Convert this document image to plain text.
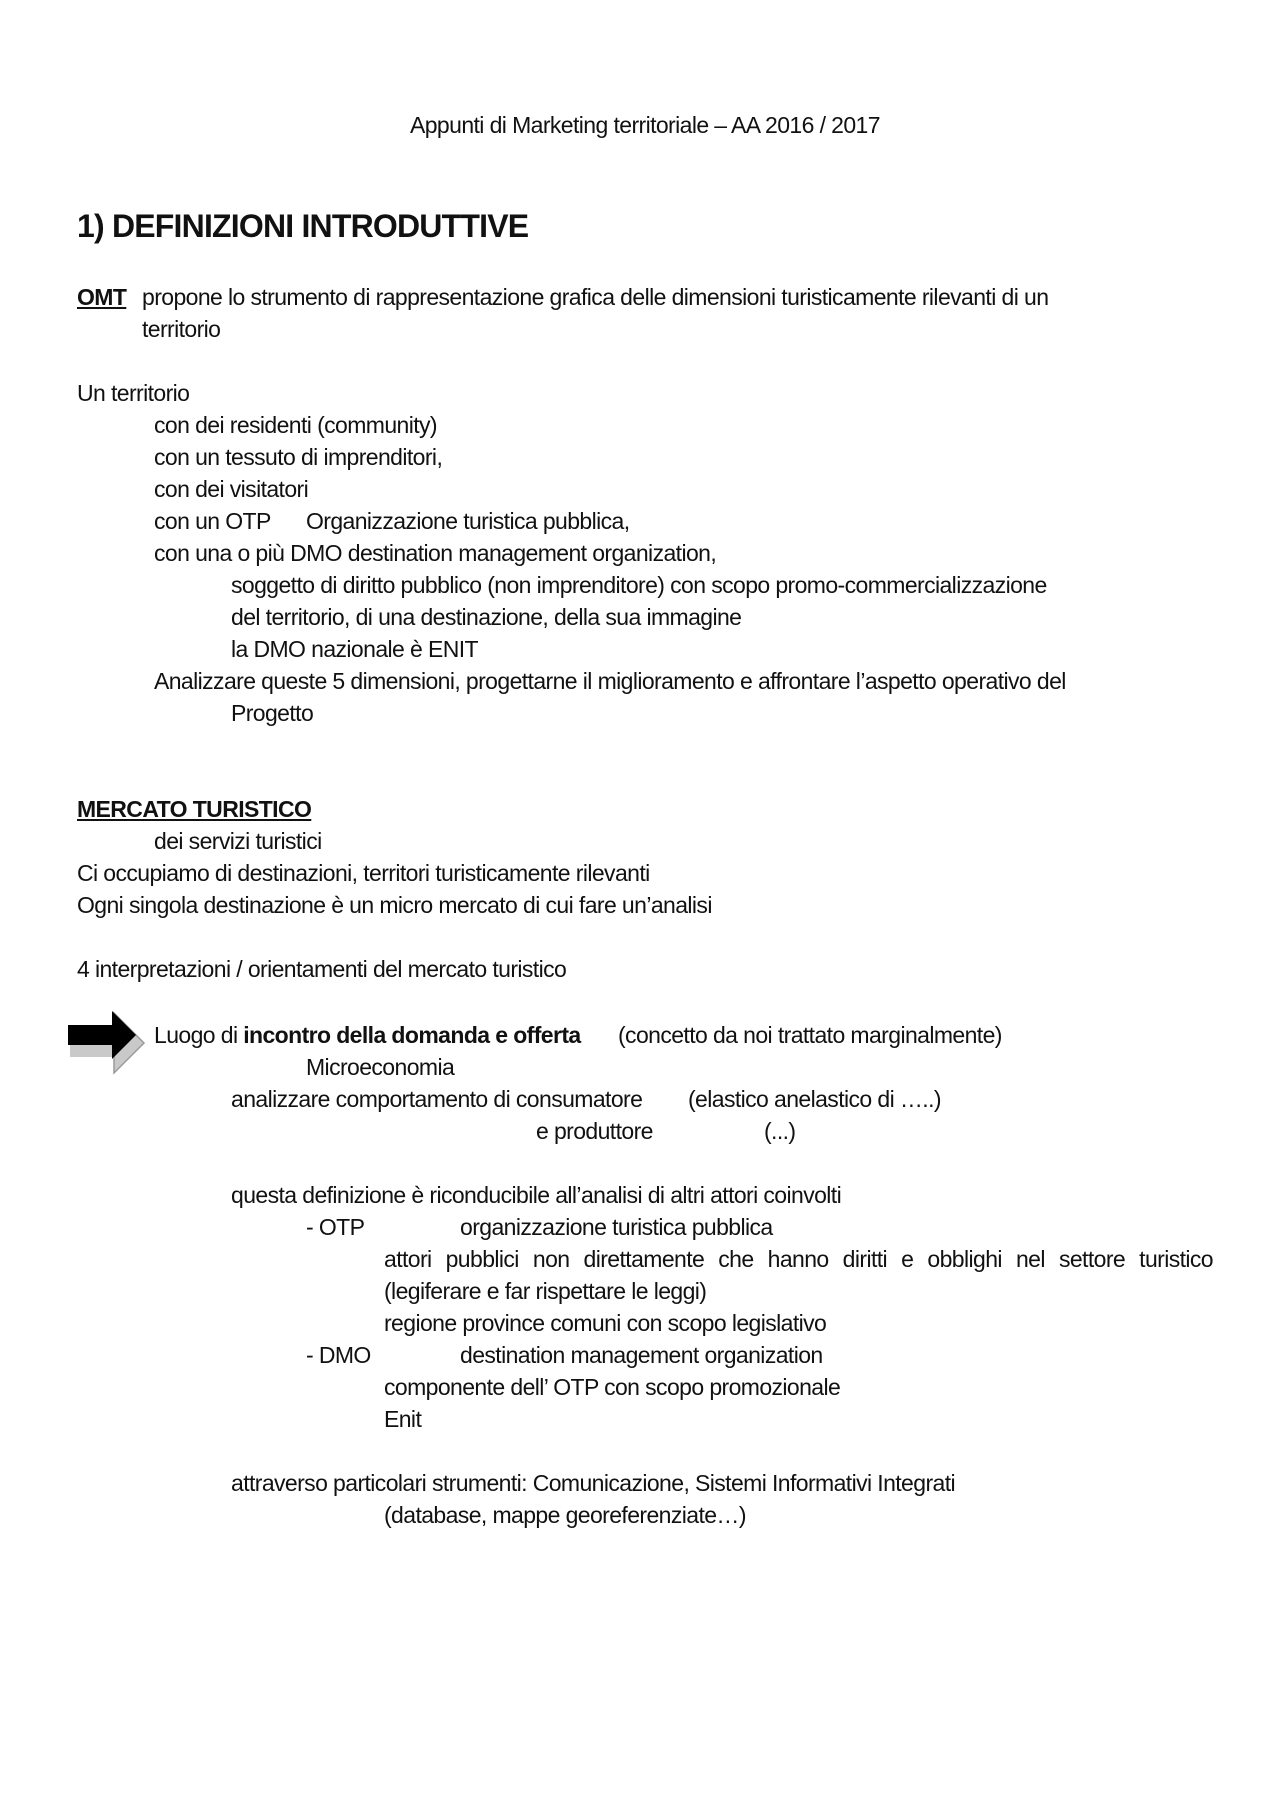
Appunti di Marketing territoriale – AA 2016 / 2017
1) DEFINIZIONI INTRODUTTIVE
OMT propone lo strumento di rappresentazione grafica delle dimensioni turisticamente rilevanti di un
territorio
Un territorio
con dei residenti (community)
con un tessuto di imprenditori,
con dei visitatori
con un OTP Organizzazione turistica pubblica,
con una o più DMO destination management organization,
soggetto di diritto pubblico (non imprenditore) con scopo promo-commercializzazione
del territorio, di una destinazione, della sua immagine
la DMO nazionale è ENIT
Analizzare queste 5 dimensioni, progettarne il miglioramento e affrontare l’aspetto operativo del
Progetto
MERCATO TURISTICO
dei servizi turistici
Ci occupiamo di destinazioni, territori turisticamente rilevanti
Ogni singola destinazione è un micro mercato di cui fare un’analisi
4 interpretazioni / orientamenti del mercato turistico
Luogo di incontro della domanda e offerta (concetto da noi trattato marginalmente)
Microeconomia
analizzare comportamento di consumatore (elastico anelastico di …..)
e produttore	(...)
questa definizione è riconducibile all’analisi di altri attori coinvolti
- OTP	organizzazione turistica pubblica
attori pubblici non direttamente che hanno diritti e obblighi nel settore turistico
(legiferare e far rispettare le leggi)
regione province comuni con scopo legislativo
- DMO	destination management organization
componente dell’ OTP con scopo promozionale
Enit
attraverso particolari strumenti: Comunicazione, Sistemi Informativi Integrati
(database, mappe georeferenziate…)
